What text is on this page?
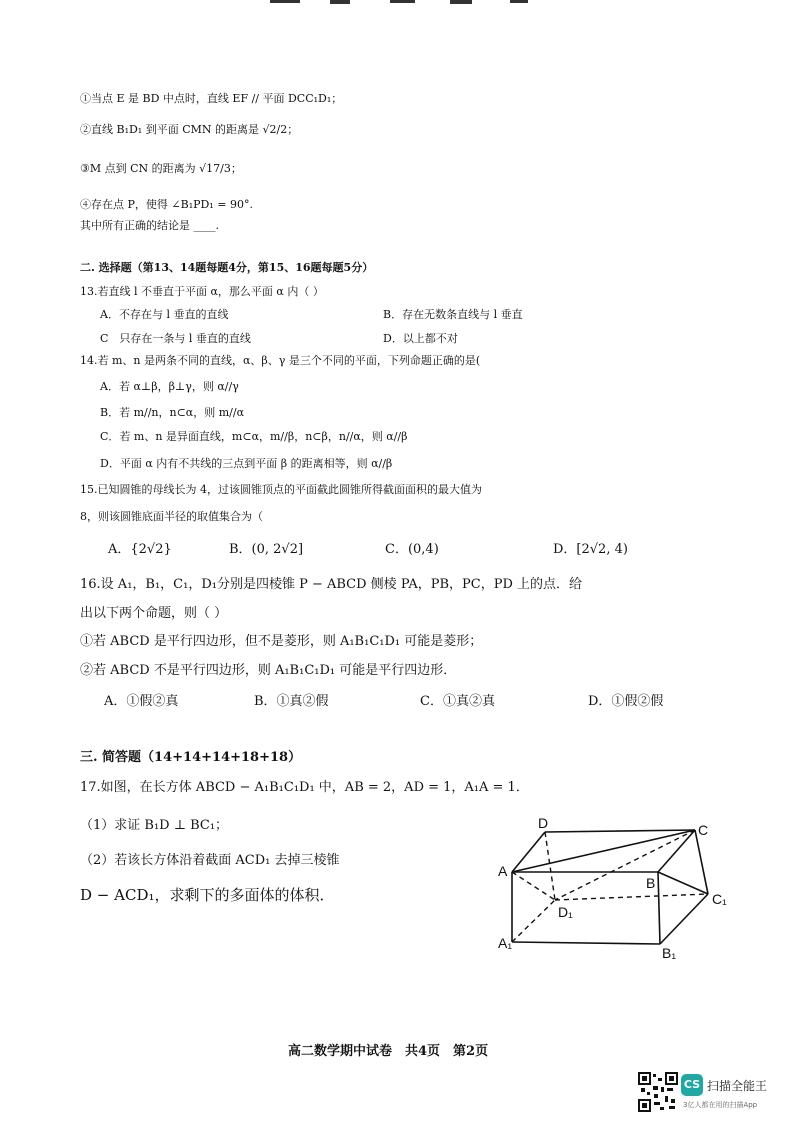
①当点 E 是 BD 中点时，直线 EF // 平面 DCC₁D₁；
②直线 B₁D₁ 到平面 CMN 的距离是 √2/2；
③M 点到 CN 的距离为 √17/3；
④存在点 P，使得 ∠B₁PD₁ = 90°.
其中所有正确的结论是 ____.
二. 选择题（第13、14题每题4分，第15、16题每题5分）
13.若直线 l 不垂直于平面 α，那么平面 α 内（ ）
A．不存在与 l 垂直的直线	B．存在无数条直线与 l 垂直
C　只存在一条与 l 垂直的直线	D．以上都不对
14.若 m、n 是两条不同的直线，α、β、γ 是三个不同的平面，下列命题正确的是(
A．若 α⊥β，β⊥γ，则 α//γ
B．若 m//n，n⊂α，则 m//α
C．若 m、n 是异面直线，m⊂α，m//β，n⊂β，n//α，则 α//β
D．平面 α 内有不共线的三点到平面 β 的距离相等，则 α//β
15.已知圆锥的母线长为 4，过该圆锥顶点的平面截此圆锥所得截面面积的最大值为
8，则该圆锥底面半径的取值集合为（
A．{2√2}	B．(0, 2√2]	C．(0,4)	D．[2√2, 4)
16.设 A₁，B₁，C₁，D₁分别是四棱锥 P − ABCD 侧棱 PA，PB，PC，PD 上的点．给
出以下两个命题，则（ ）
①若 ABCD 是平行四边形，但不是菱形，则 A₁B₁C₁D₁ 可能是菱形；
②若 ABCD 不是平行四边形，则 A₁B₁C₁D₁ 可能是平行四边形．
A．①假②真	B．①真②假	C．①真②真	D．①假②假
三. 简答题（14+14+14+18+18）
17.如图，在长方体 ABCD − A₁B₁C₁D₁ 中，AB = 2，AD = 1，A₁A = 1．
（1）求证 B₁D ⊥ BC₁；
（2）若该长方体沿着截面 ACD₁ 去掉三棱锥
D − ACD₁，求剩下的多面体的体积．
D	C
A
B
C₁
D₁
A₁
B₁
高二数学期中试卷　共4页　第2页
CS 扫描全能王
3亿人都在用的扫描App
